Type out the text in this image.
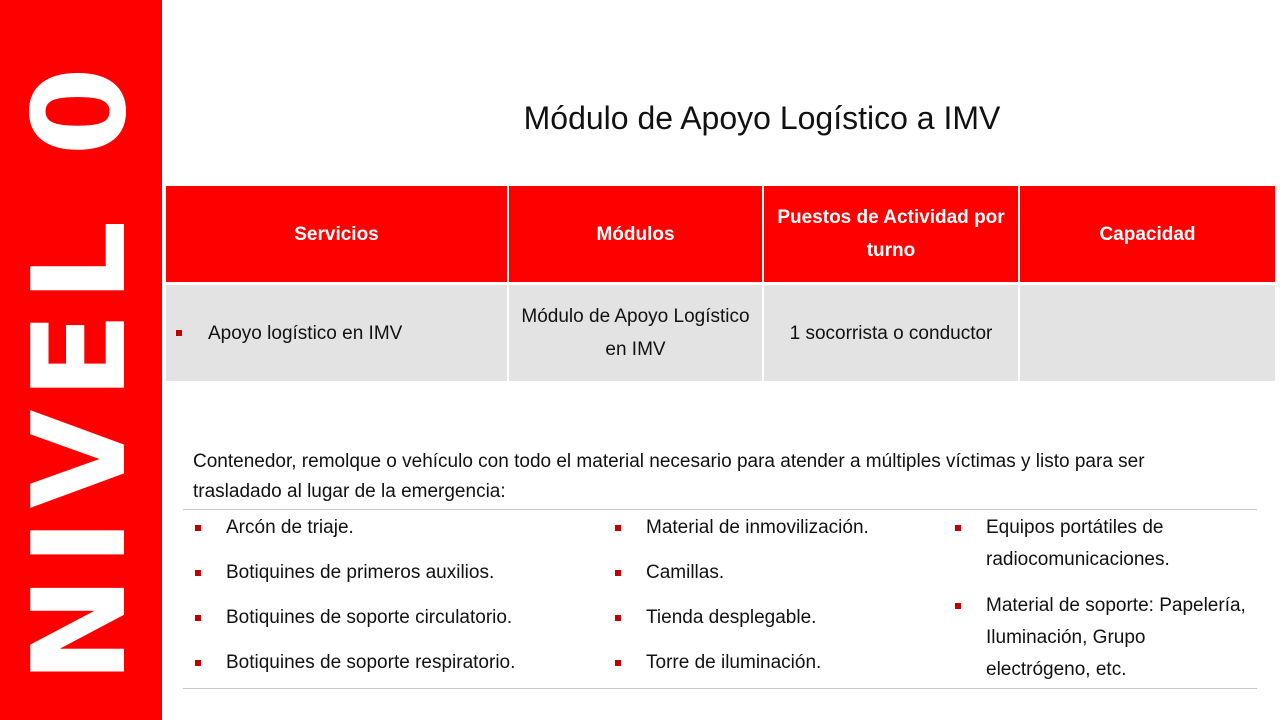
NIVEL 0	Módulo de Apoyo Logístico a IMV
Servicios	Módulos	Puestos de Actividad por turno	Capacidad
Apoyo logístico en IMV	Módulo de Apoyo Logístico en IMV	1 socorrista o conductor	
Contenedor, remolque o vehículo con todo el material necesario para atender a múltiples víctimas y listo para ser trasladado al lugar de la emergencia:
Arcón de triaje.
Botiquines de primeros auxilios.
Botiquines de soporte circulatorio.
Botiquines de soporte respiratorio.
Material de inmovilización.
Camillas.
Tienda desplegable.
Torre de iluminación.
Equipos portátiles de radiocomunicaciones.
Material de soporte: Papelería, Iluminación, Grupo electrógeno, etc.
